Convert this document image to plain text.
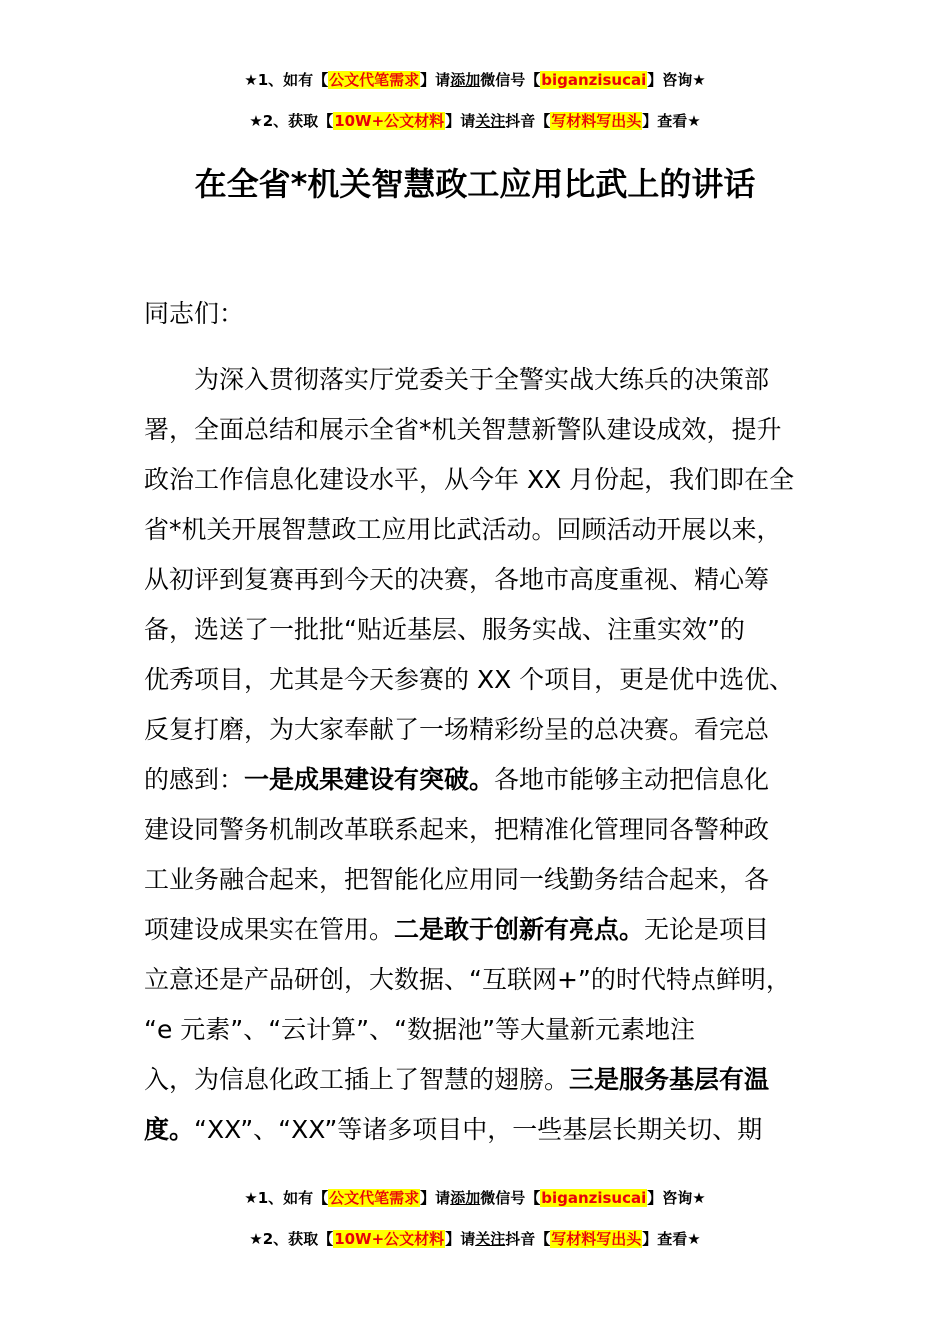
★1、如有【公文代笔需求】请添加微信号【biganzisucai】咨询★
★2、获取【10W+公文材料】请关注抖音【写材料写出头】查看★
在全省*机关智慧政工应用比武上的讲话
同志们：
为深入贯彻落实厅党委关于全警实战大练兵的决策部
署，全面总结和展示全省*机关智慧新警队建设成效，提升
政治工作信息化建设水平，从今年 XX 月份起，我们即在全
省*机关开展智慧政工应用比武活动。回顾活动开展以来，
从初评到复赛再到今天的决赛，各地市高度重视、精心筹
备，选送了一批批“贴近基层、服务实战、注重实效”的
优秀项目，尤其是今天参赛的 XX 个项目，更是优中选优、
反复打磨，为大家奉献了一场精彩纷呈的总决赛。看完总
的感到：一是成果建设有突破。各地市能够主动把信息化
建设同警务机制改革联系起来，把精准化管理同各警种政
工业务融合起来，把智能化应用同一线勤务结合起来，各
项建设成果实在管用。二是敢于创新有亮点。无论是项目
立意还是产品研创，大数据、“互联网+”的时代特点鲜明，
“e 元素”、“云计算”、“数据池”等大量新元素地注
入，为信息化政工插上了智慧的翅膀。三是服务基层有温
度。“XX”、“XX”等诸多项目中，一些基层长期关切、期
★1、如有【公文代笔需求】请添加微信号【biganzisucai】咨询★
★2、获取【10W+公文材料】请关注抖音【写材料写出头】查看★
